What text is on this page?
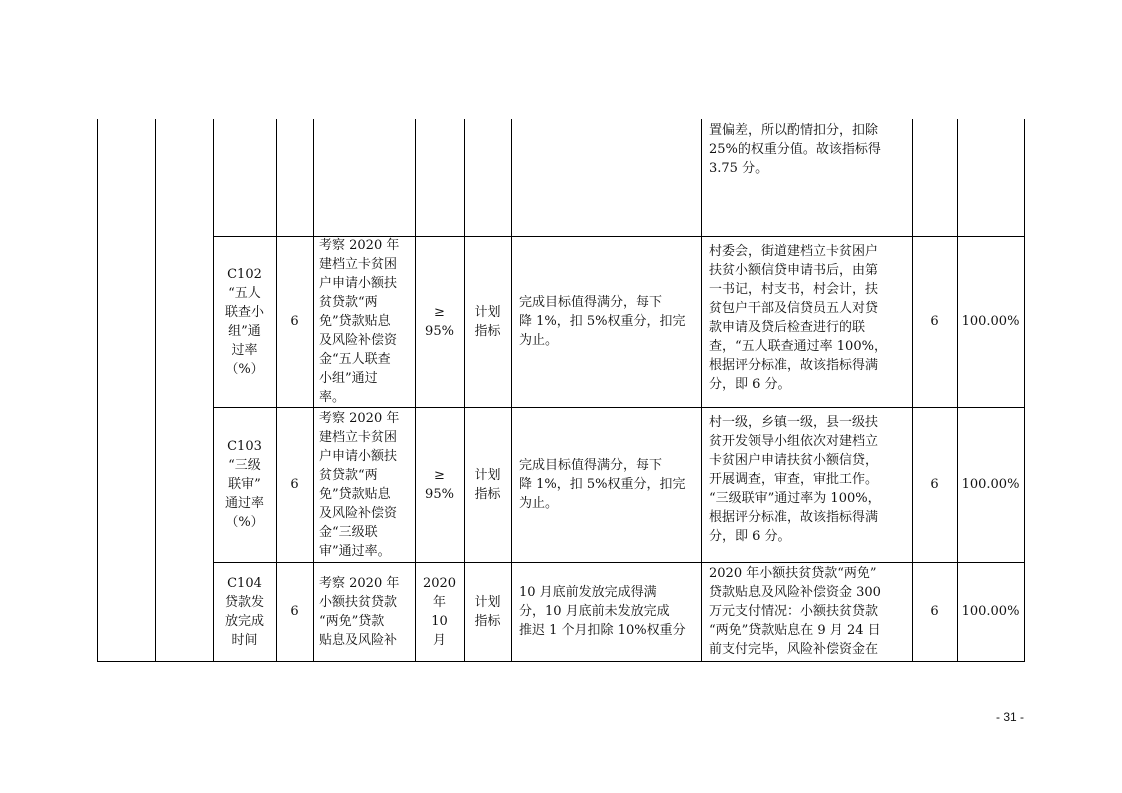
置偏差，所以酌情扣分，扣除
25%的权重分值。故该指标得
3.75 分。
C102
“五人
联查小
组”通
过率
（%）
6
考察 2020 年
建档立卡贫困
户申请小额扶
贫贷款“两
免”贷款贴息
及风险补偿资
金“五人联查
小组”通过
率。
≥
95%
计划
指标
完成目标值得满分，每下
降 1%，扣 5%权重分，扣完
为止。
村委会，街道建档立卡贫困户
扶贫小额信贷申请书后，由第
一书记，村支书，村会计，扶
贫包户干部及信贷员五人对贷
款申请及贷后检查进行的联
查，“五人联查通过率 100%，
根据评分标准，故该指标得满
分，即 6 分。
6 100.00%
C103
“三级
联审”
通过率
（%）
6
考察 2020 年
建档立卡贫困
户申请小额扶
贫贷款“两
免”贷款贴息
及风险补偿资
金“三级联
审”通过率。
≥
95%
计划
指标
完成目标值得满分，每下
降 1%，扣 5%权重分，扣完
为止。
村一级，乡镇一级，县一级扶
贫开发领导小组依次对建档立
卡贫困户申请扶贫小额信贷，
开展调查，审查，审批工作。
“三级联审”通过率为 100%，
根据评分标准，故该指标得满
分，即 6 分。
6 100.00%
C104
贷款发
放完成
时间
6
考察 2020 年
小额扶贫贷款
“两免”贷款
贴息及风险补
2020
年
10
月
计划
指标
10 月底前发放完成得满
分，10 月底前未发放完成
推迟 1 个月扣除 10%权重分
2020 年小额扶贫贷款“两免”
贷款贴息及风险补偿资金 300
万元支付情况：小额扶贫贷款
“两免”贷款贴息在 9 月 24 日
前支付完毕，风险补偿资金在
6 100.00%
- 31 -
